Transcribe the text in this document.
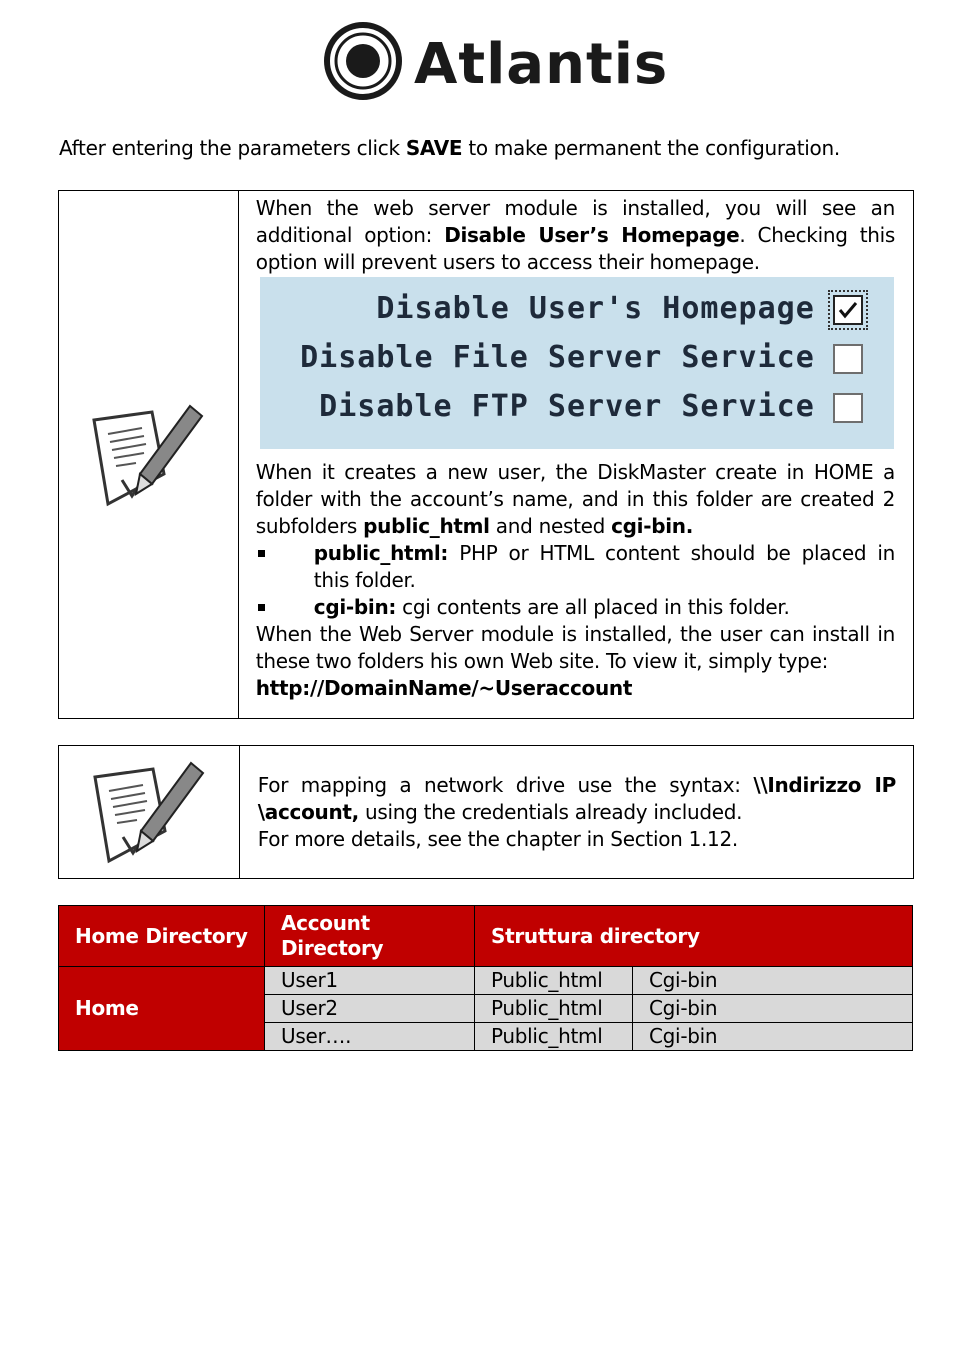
Atlantis
After entering the parameters click SAVE to make permanent the configuration.

When the web server module is installed, you will see an additional option: Disable User’s Homepage. Checking this option will prevent users to access their homepage.

Disable User's Homepage
Disable File Server Service
Disable FTP Server Service

When it creates a new user, the DiskMaster create in HOME a folder with the account’s name, and in this folder are created 2 subfolders public_html and nested cgi-bin.

public_html: PHP or HTML content should be placed in this folder.
cgi-bin: cgi contents are all placed in this folder.

When the Web Server module is installed, the user can install in these two folders his own Web site. To view it, simply type:
http://DomainName/~Useraccount

For mapping a network drive use the syntax: \\Indirizzo IP \account, using the credentials already included.

For more details, see the chapter in Section 1.12.

Home Directory	Account Directory	Struttura directory	
Home	User1	Public_html	Cgi-bin
	User2	Public_html	Cgi-bin
	User….	Public_html	Cgi-bin
